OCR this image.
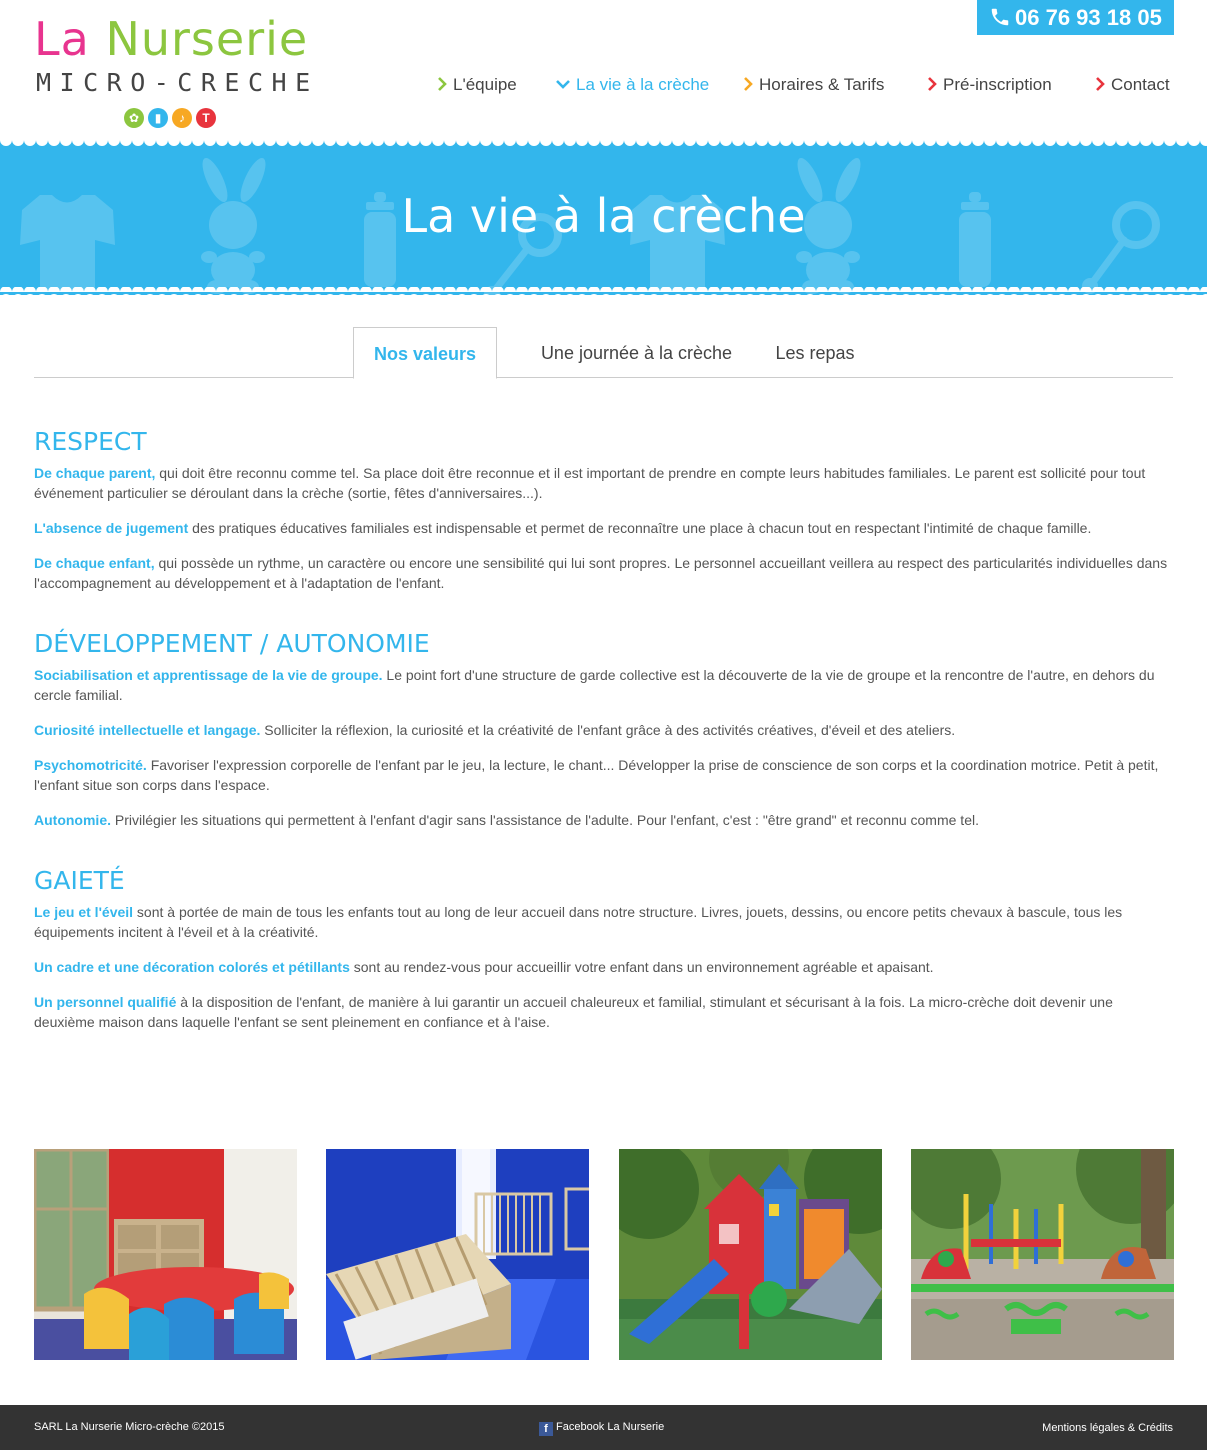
La Nurserie
MICRO-CRECHE
✿	▮	♪	T
06 76 93 18 05
L'équipe	La vie à la crèche	Horaires & Tarifs	Pré-inscription	Contact
La vie à la crèche
Nos valeurs	Une journée à la crèche	Les repas
RESPECT

De chaque parent, qui doit être reconnu comme tel. Sa place doit être reconnue et il est important de prendre en compte leurs habitudes familiales. Le parent est sollicité pour tout événement particulier se déroulant dans la crèche (sortie, fêtes d'anniversaires...).

L'absence de jugement des pratiques éducatives familiales est indispensable et permet de reconnaître une place à chacun tout en respectant l'intimité de chaque famille.

De chaque enfant, qui possède un rythme, un caractère ou encore une sensibilité qui lui sont propres. Le personnel accueillant veillera au respect des particularités individuelles dans l'accompagnement au développement et à l'adaptation de l'enfant.

DÉVELOPPEMENT / AUTONOMIE

Sociabilisation et apprentissage de la vie de groupe. Le point fort d'une structure de garde collective est la découverte de la vie de groupe et la rencontre de l'autre, en dehors du cercle familial.

Curiosité intellectuelle et langage. Solliciter la réflexion, la curiosité et la créativité de l'enfant grâce à des activités créatives, d'éveil et des ateliers.

Psychomotricité. Favoriser l'expression corporelle de l'enfant par le jeu, la lecture, le chant... Développer la prise de conscience de son corps et la coordination motrice. Petit à petit, l'enfant situe son corps dans l'espace.

Autonomie. Privilégier les situations qui permettent à l'enfant d'agir sans l'assistance de l'adulte. Pour l'enfant, c'est : "être grand" et reconnu comme tel.

GAIETÉ

Le jeu et l'éveil sont à portée de main de tous les enfants tout au long de leur accueil dans notre structure. Livres, jouets, dessins, ou encore petits chevaux à bascule, tous les équipements incitent à l'éveil et à la créativité.

Un cadre et une décoration colorés et pétillants sont au rendez-vous pour accueillir votre enfant dans un environnement agréable et apaisant.

Un personnel qualifié à la disposition de l'enfant, de manière à lui garantir un accueil chaleureux et familial, stimulant et sécurisant à la fois. La micro-crèche doit devenir une deuxième maison dans laquelle l'enfant se sent pleinement en confiance et à l'aise.

SARL La Nurserie Micro-crèche ©2015	f Facebook La Nurserie	Mentions légales & Crédits
